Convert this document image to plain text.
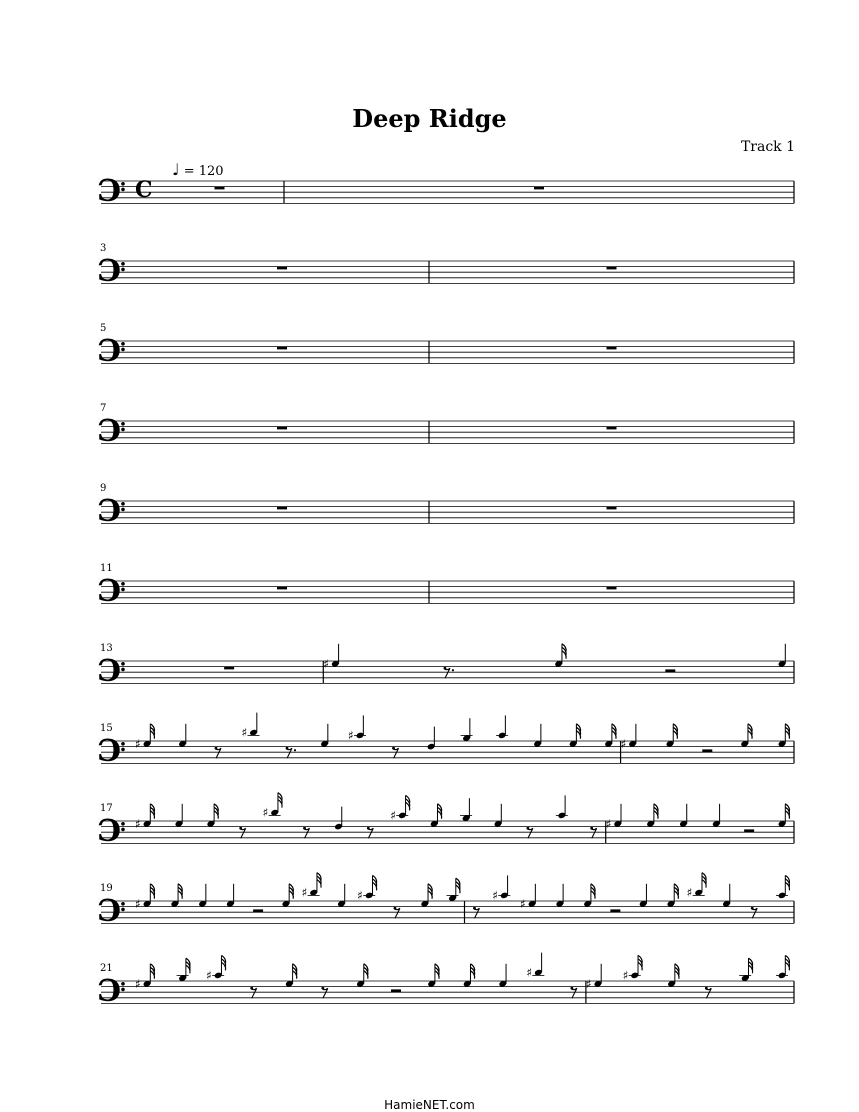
Deep Ridge
Track 1
♩ = 120
C C
3
C
5
C
7
C
9
C
11
C
13
C	♯
15
C ♯
♯	♯
♯
17
C ♯
♯	♯
♯
19
C ♯
♯	♯	♯
♯
♯
21
C ♯
♯	♯
♯
♯
HamieNET.com
